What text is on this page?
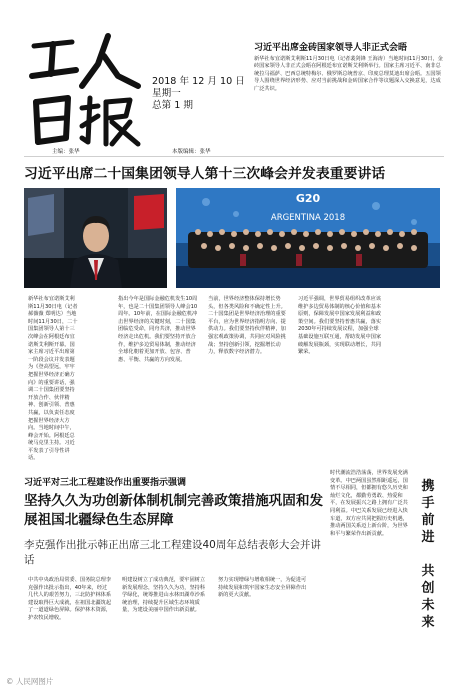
2018 年 12 月 10 日
星期一
总第 1 期
习近平出席金砖国家领导人非正式会晤
新华社布宜诺斯艾利斯11月30日电（记者裴剑锋 王海涛）当地时间11月30日，金砖国家领导人非正式会晤在阿根廷布宜诺斯艾利斯举行。国家主席习近平、南非总统拉马福萨、巴西总统特梅尔、俄罗斯总统普京、印度总理莫迪出席会晤。五国领导人围绕世界经济形势、应对当前挑战和金砖国家合作等议题深入交换意见，达成广泛共识。
主编：张华	本版编辑：张华
习近平出席二十国集团领导人第十三次峰会并发表重要讲话
G20
ARGENTINA 2018
新华社布宜诺斯艾利斯11月30日电（记者郝薇薇 郑明达）当地时间11月30日，二十国集团领导人第十三次峰会在阿根廷布宜诺斯艾利斯开幕。国家主席习近平出席第一阶段会议并发表题为《登高望远，牢牢把握世界经济正确方向》的重要讲话，强调二十国集团要坚持开放合作、伙伴精神、创新引领、普惠共赢，以负责任态度把握世界经济大方向。当地时间中午，峰会开始。阿根廷总统马克里主持。习近平发表了引导性讲话。
指出今年是国际金融危机发生10周年，也是二十国集团领导人峰会10周年。10年前，在国际金融危机冲击世界经济的关键时刻，二十国集团临危受命，同舟共济，推动世界经济走出危机。我们要坚持开放合作，维护多边贸易体制，推动经济全球化朝着更加开放、包容、普惠、平衡、共赢的方向发展。
当前，世界经济整体保持增长势头，但各类风险和不确定性上升。二十国集团是世界经济治理的重要平台，应为世界经济指明方向、提供动力。我们要坚持伙伴精神，加强宏观政策协调，共同应对风险挑战；坚持创新引领，挖掘增长动力，释放数字经济潜力。
习近平强调，世界贸易组织改革应该维护多边贸易体制的核心价值和基本原则，保障发展中国家发展利益和政策空间。我们要坚持普惠共赢，落实2030年可持续发展议程，加强全球基础设施互联互通，帮助发展中国家破解发展瓶颈，实现联动增长，共同繁荣。
习近平对三北工程建设作出重要指示强调
坚持久久为功创新体制机制完善政策措施巩固和发展祖国北疆绿色生态屏障
李克强作出批示韩正出席三北工程建设40周年总结表彰大会并讲话
中共中央政治局常委、国务院总理李克强作出批示指出，40年来，经过几代人的艰苦努力，三北防护林体系建设取得巨大成就，在祖国北疆筑起了一道道绿色屏障。保护林木资源，护农牧民增收。
明建设树立了成功典范，要牢固树立新发展理念，坚持久久为功，坚持科学绿化，统筹推进山水林田湖草沙系统治理，持续提升区域生态环境质量，为建设美丽中国作出新贡献。
努力实现增绿与增收相统一，为促进可持续发展和筑牢国家生态安全屏障作出新的更大贡献。
时代潮流浩浩荡荡，世界发展充满变革。中巴两国虽然相距遥远，国情不尽相同，但都拥有悠久历史和灿烂文化，都勤劳勇敢、热爱和平，在发展振兴之路上拥有广泛共同利益。中巴关系发展已经进入快车道，双方应共同把握历史机遇，推动两国关系迈上新台阶，为世界和平与繁荣作出新贡献。
携
手
前
进

共
创
未
来
© 人民网图片
